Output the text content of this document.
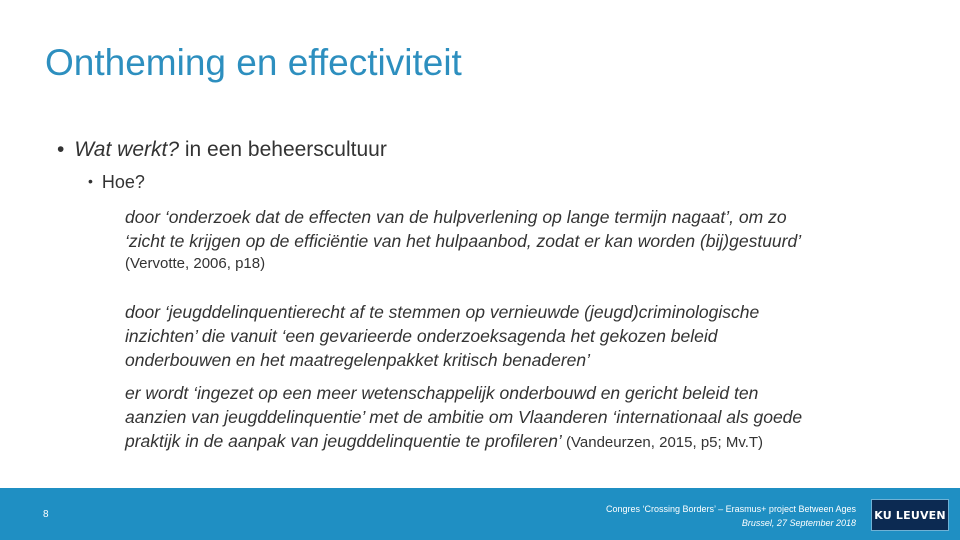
Ontheming en effectiviteit
• Wat werkt? in een beheerscultuur
• Hoe?
door ‘onderzoek dat de effecten van de hulpverlening op lange termijn nagaat’, om zo
‘zicht te krijgen op de efficiëntie van het hulpaanbod, zodat er kan worden (bij)gestuurd’
(Vervotte, 2006, p18)
door ‘jeugddelinquentierecht af te stemmen op vernieuwde (jeugd)criminologische
inzichten’ die vanuit ‘een gevarieerde onderzoeksagenda het gekozen beleid
onderbouwen en het maatregelenpakket kritisch benaderen’
er wordt ‘ingezet op een meer wetenschappelijk onderbouwd en gericht beleid ten
aanzien van jeugddelinquentie’ met de ambitie om Vlaanderen ‘internationaal als goede
praktijk in de aanpak van jeugddelinquentie te profileren’ (Vandeurzen, 2015, p5; Mv.T)
8	Congres ‘Crossing Borders’ – Erasmus+ project Between Ages
Brussel, 27 September 2018
KU LEUVEN
